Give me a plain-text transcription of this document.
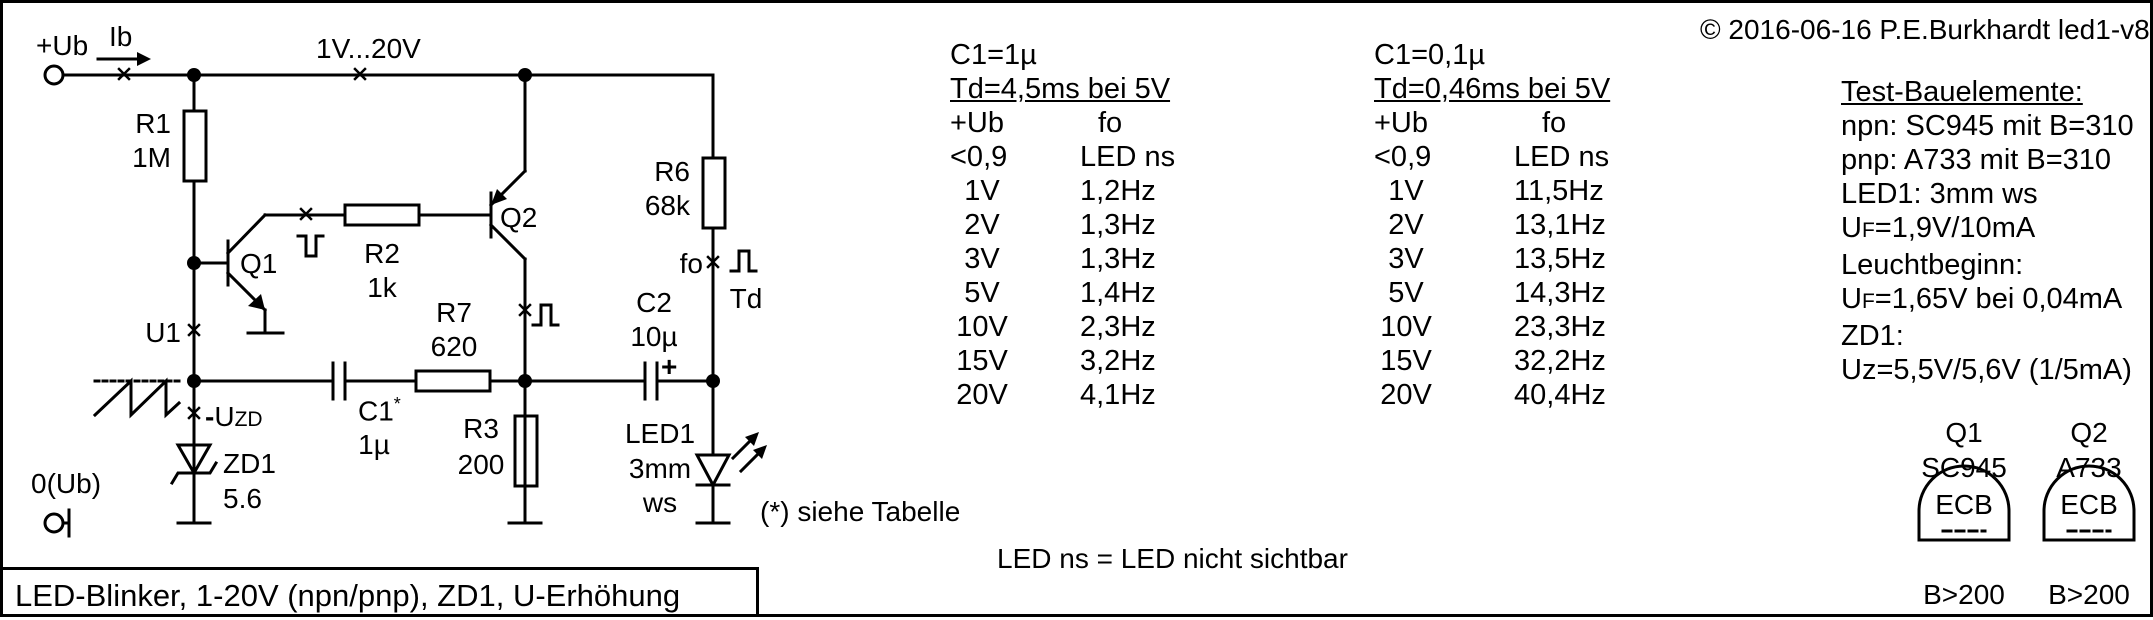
+Ub Ib	1V...20V
R1
1M
Q1	R2
1k
Q2
R6
68k
fo
Td
R7
620
C2
10µ
+
U1
C1*
1µ
R3
200
-UZD
ZD1
5.6
LED1
3mm
ws
0(Ub)
(*) siehe Tabelle
LED ns = LED nicht sichtbar
© 2016-06-16 P.E.Burkhardt led1-v8
C1=1µ
Td=4,5ms bei 5V
+Ub	fo
<0,9	LED ns
1V	1,2Hz
2V	1,3Hz
3V	1,3Hz
5V	1,4Hz
10V	2,3Hz
15V	3,2Hz
20V	4,1Hz
C1=0,1µ
Td=0,46ms bei 5V
+Ub	fo
<0,9	LED ns
1V	11,5Hz
2V	13,1Hz
3V	13,5Hz
5V	14,3Hz
10V	23,3Hz
15V	32,2Hz
20V	40,4Hz
Test-Bauelemente:
npn: SC945 mit B=310
pnp: A733 mit B=310
LED1: 3mm ws
UF=1,9V/10mA
Leuchtbeginn:
UF=1,65V bei 0,04mA
ZD1:
Uz=5,5V/5,6V (1/5mA)
Q1
SC945
ECB
B>200
Q2
A733
ECB
B>200
LED-Blinker, 1-20V (npn/pnp), ZD1, U-Erhöhung
